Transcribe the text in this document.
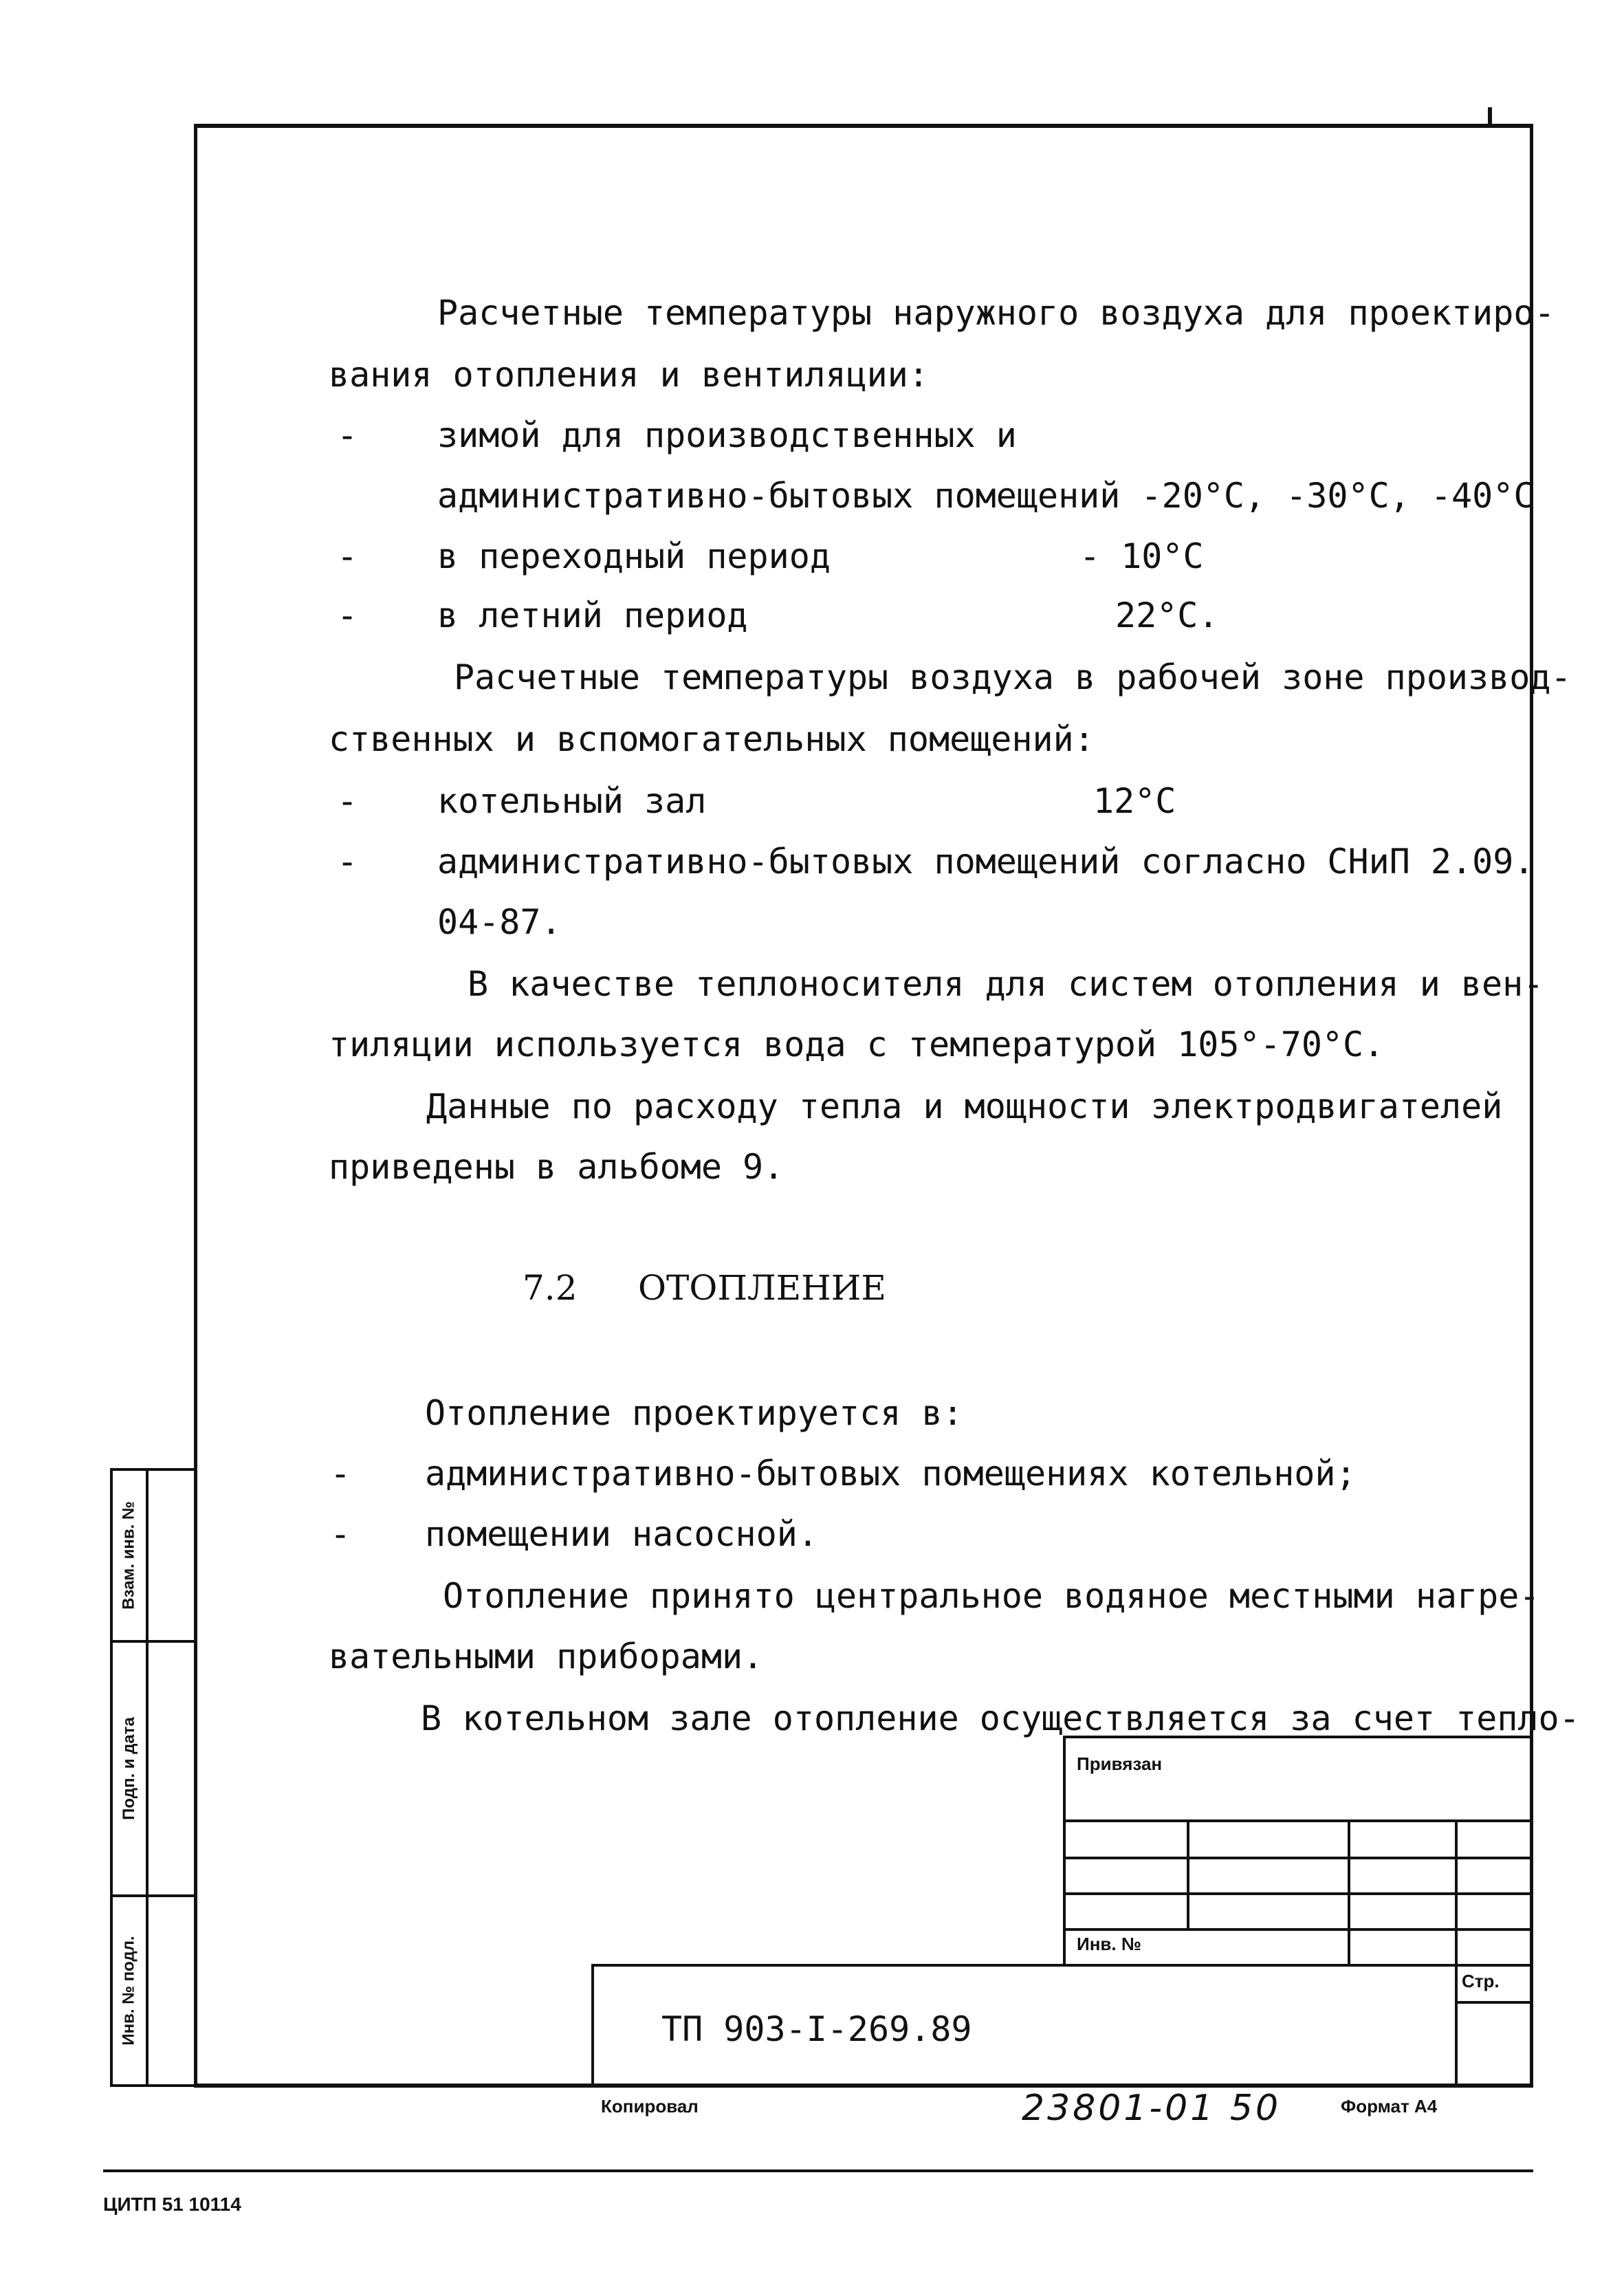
Расчетные температуры наружного воздуха для проектиро-
вания отопления и вентиляции:
- зимой для производственных и
административно-бытовых помещений -20°С, -30°С, -40°С
- в переходный период	- 10°С
- в летний период	22°С.
Расчетные температуры воздуха в рабочей зоне производ-
ственных и вспомогательных помещений:
- котельный зал	12°С
- административно-бытовых помещений согласно СНиП 2.09.
04-87.
В качестве теплоносителя для систем отопления и вен-
тиляции используется вода с температурой 105°-70°С.
Данные по расходу тепла и мощности электродвигателей
приведены в альбоме 9.
7.2 ОТОПЛЕНИЕ
Отопление проектируется в:
- административно-бытовых помещениях котельной;
- помещении насосной.
Отопление принято центральное водяное местными нагре-
вательными приборами.
В котельном зале отопление осуществляется за счет тепло-
Взам. инв. №
Подп. и дата
Инв. № подл.
Привязан
Инв. №
Стр.
ТП 903-I-269.89
Копировал	23801-01 50	Формат А4
ЦИТП 51 10114
